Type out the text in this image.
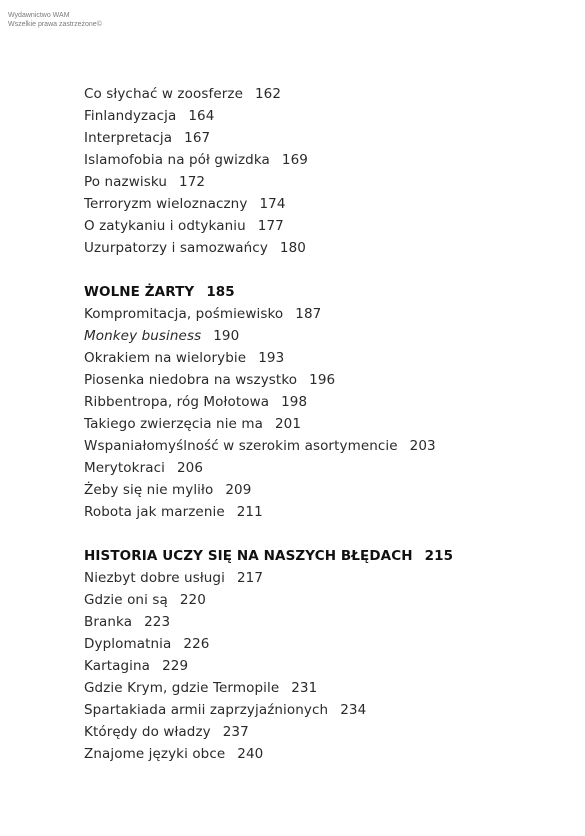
Wydawnictwo WAM
Wszelkie prawa zastrzeżone©
Co słychać w zoosferze 162
Finlandyzacja 164
Interpretacja 167
Islamofobia na pół gwizdka 169
Po nazwisku 172
Terroryzm wieloznaczny 174
O zatykaniu i odtykaniu 177
Uzurpatorzy i samozwańcy 180
WOLNE ŻARTY 185
Kompromitacja, pośmiewisko 187
Monkey business 190
Okrakiem na wielorybie 193
Piosenka niedobra na wszystko 196
Ribbentropa, róg Mołotowa 198
Takiego zwierzęcia nie ma 201
Wspaniałomyślność w szerokim asortymencie 203
Merytokraci 206
Żeby się nie myliło 209
Robota jak marzenie 211
HISTORIA UCZY SIĘ NA NASZYCH BŁĘDACH 215
Niezbyt dobre usługi 217
Gdzie oni są 220
Branka 223
Dyplomatnia 226
Kartagina 229
Gdzie Krym, gdzie Termopile 231
Spartakiada armii zaprzyjaźnionych 234
Którędy do władzy 237
Znajome języki obce 240
